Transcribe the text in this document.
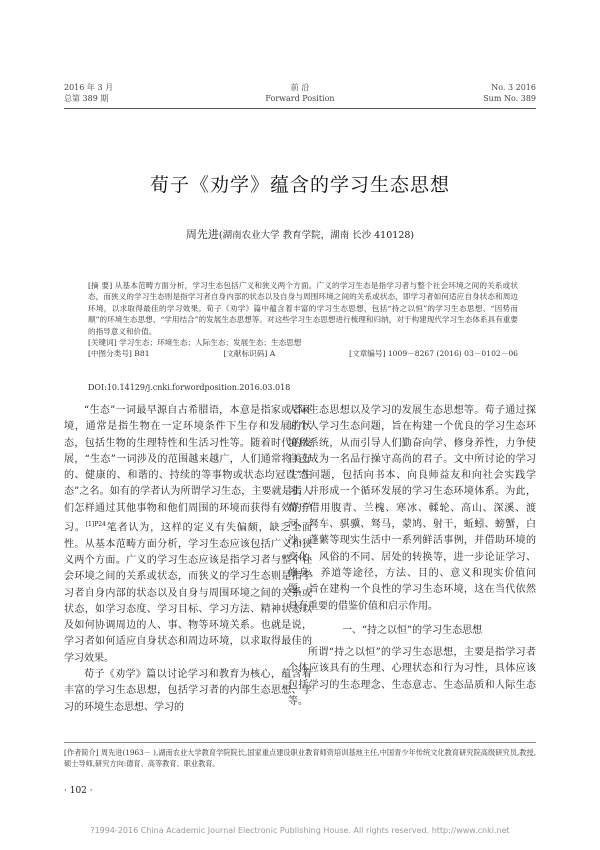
2016 年 3 月
总第 389 期
前 沿
Forward Position
No. 3 2016
Sum No. 389
荀子《劝学》蕴含的学习生态思想
周先进(湖南农业大学 教育学院，湖南 长沙 410128)

[摘 要] 从基本范畴方面分析，学习生态包括广义和狭义两个方面。广义的学习生态是指学习者与整个社会环境之间的关系或状态，而狭义的学习生态则是指学习者自身内部的状态以及自身与周围环境之间的关系或状态，即学习者如何适应自身状态和周边环境，以求取得最佳的学习效果。荀子《劝学》篇中蕴含着丰富的学习生态思想，包括“持之以恒”的学习生态思想、“因势而顺”的环境生态思想、“学用结合”的发展生态思想等。对这些学习生态思想进行梳理和归纳，对于构建现代学习生态体系具有重要的指导意义和价值。

[关键词] 学习生态；环境生态；人际生态；发展生态；生态思想

[中图分类号] B81	[文献标识码] A	[文章编号] 1009－8267 (2016) 03－0102－06
DOI:10.14129/j.cnki.forwordposition.2016.03.018

“生态”一词最早源自古希腊语，本意是指家或者环境，通常是指生物在一定环境条件下生存和发展的状态，包括生物的生理特性和生活习性等。随着时代的发展，“生态”一词涉及的范围越来越广，人们通常将美好的、健康的、和谐的、持续的等事物或状态均冠以“生态”之名。如有的学者认为所谓学习生态，主要就是指人们怎样通过其他事物和他们周围的环境而获得有效的学习。$^{[1]P24}$笔者认为，这样的定义有失偏颇，缺乏全面性。从基本范畴方面分析，学习生态应该包括广义和狭义两个方面。广义的学习生态应该是指学习者与整个社会环境之间的关系或状态，而狭义的学习生态则是指学习者自身内部的状态以及自身与周围环境之间的关系或状态，如学习态度、学习目标、学习方法、精神状态以及如何协调周边的人、事、物等环境关系。也就是说，学习者如何适应自身状态和周边环境，以求取得最佳的学习效果。

荀子《劝学》篇以讨论学习和教育为核心，蕴含着丰富的学习生态思想，包括学习者的内部生态思想、学习的环境生态思想、学习的

人际生态思想以及学习的发展生态思想等。荀子通过探讨个人学习生态问题，旨在构建一个优良的学习生态环境和系统，从而引导人们勤奋向学、修身养性，力争使自己成为一名品行操守高尚的君子。文中所讨论的学习生态问题，包括向书本、向良师益友和向社会实践学习，并形成一个循环发展的学习生态环境体系。为此，荀子借用腹青、兰槐、寒冰、輮轮、高山、深溪、渡河、驽车、骐骥、驽马，蒙鸠、射干，蚯蚓、螃蟹，白沙、蓬蘩等现实生活中一系列鲜活事例，并借助环境的变化、风俗的不同、居处的转换等，进一步论证学习、修身、养道等途径，方法、目的、意义和现实价值问题，旨在建构一个良性的学习生态环境，这在当代依然具有重要的借鉴价值和启示作用。

一、“持之以恒”的学习生态思想

所谓“持之以恒”的学习生态思想，主要是指学习者个体应该具有的生理、心理状态和行为习性，具体应该包括学习的生态理念、生态意志、生态品质和人际生态等。

[作者简介] 周先进(1963－ ),湖南农业大学教育学院院长,国家重点建设职业教育师资培训基地主任,中国青少年传统文化教育研究院高级研究员,教授,硕士导师,研究方向:德育、高等教育、职业教育。
· 102 ·
?1994-2016 China Academic Journal Electronic Publishing House. All rights reserved. http://www.cnki.net
